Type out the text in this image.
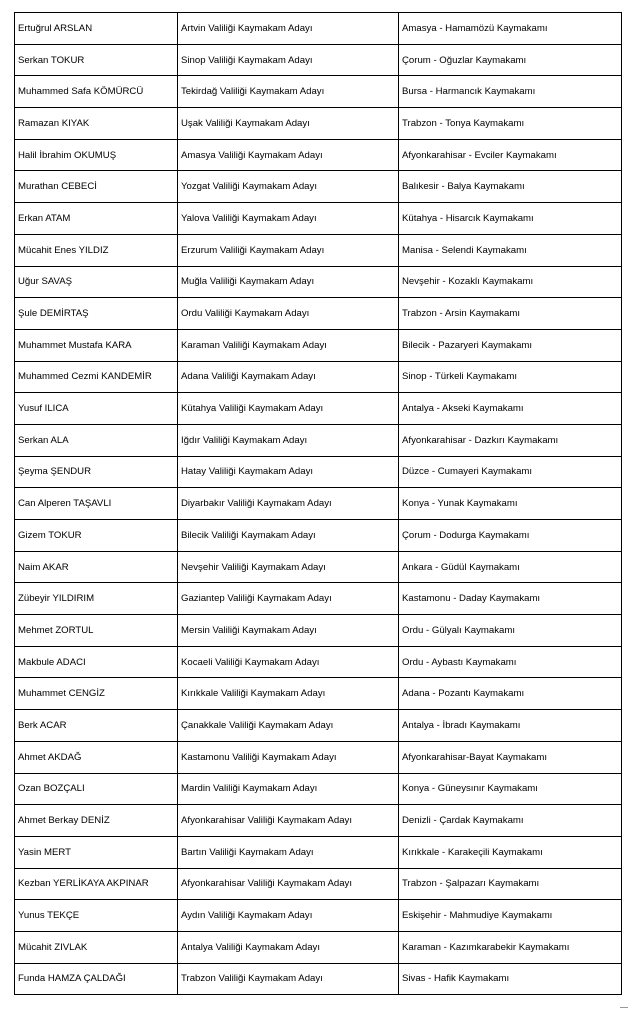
Ertuğrul ARSLAN	Artvin Valiliği Kaymakam Adayı	Amasya - Hamamözü Kaymakamı
Serkan TOKUR	Sinop Valiliği Kaymakam Adayı	Çorum - Oğuzlar Kaymakamı
Muhammed Safa KÖMÜRCÜ	Tekirdağ Valiliği Kaymakam Adayı	Bursa - Harmancık Kaymakamı
Ramazan KIYAK	Uşak Valiliği Kaymakam Adayı	Trabzon - Tonya Kaymakamı
Halil İbrahim OKUMUŞ	Amasya Valiliği Kaymakam Adayı	Afyonkarahisar - Evciler Kaymakamı
Murathan CEBECİ	Yozgat Valiliği Kaymakam Adayı	Balıkesir - Balya Kaymakamı
Erkan ATAM	Yalova Valiliği Kaymakam Adayı	Kütahya - Hisarcık Kaymakamı
Mücahit Enes YILDIZ	Erzurum Valiliği Kaymakam Adayı	Manisa - Selendi Kaymakamı
Uğur SAVAŞ	Muğla Valiliği Kaymakam Adayı	Nevşehir - Kozaklı Kaymakamı
Şule DEMİRTAŞ	Ordu Valiliği Kaymakam Adayı	Trabzon - Arsin Kaymakamı
Muhammet Mustafa KARA	Karaman Valiliği Kaymakam Adayı	Bilecik - Pazaryeri Kaymakamı
Muhammed Cezmi KANDEMİR	Adana Valiliği Kaymakam Adayı	Sinop - Türkeli Kaymakamı
Yusuf ILICA	Kütahya Valiliği Kaymakam Adayı	Antalya - Akseki Kaymakamı
Serkan ALA	Iğdır Valiliği Kaymakam Adayı	Afyonkarahisar - Dazkırı Kaymakamı
Şeyma ŞENDUR	Hatay Valiliği Kaymakam Adayı	Düzce - Cumayeri Kaymakamı
Can Alperen TAŞAVLI	Diyarbakır Valiliği Kaymakam Adayı	Konya - Yunak Kaymakamı
Gizem TOKUR	Bilecik Valiliği Kaymakam Adayı	Çorum - Dodurga Kaymakamı
Naim AKAR	Nevşehir Valiliği Kaymakam Adayı	Ankara - Güdül Kaymakamı
Zübeyir YILDIRIM	Gaziantep Valiliği Kaymakam Adayı	Kastamonu - Daday Kaymakamı
Mehmet ZORTUL	Mersin Valiliği Kaymakam Adayı	Ordu - Gülyalı Kaymakamı
Makbule ADACI	Kocaeli Valiliği Kaymakam Adayı	Ordu - Aybastı Kaymakamı
Muhammet CENGİZ	Kırıkkale Valiliği Kaymakam Adayı	Adana - Pozantı Kaymakamı
Berk ACAR	Çanakkale Valiliği Kaymakam Adayı	Antalya - İbradı Kaymakamı
Ahmet AKDAĞ	Kastamonu Valiliği Kaymakam Adayı	Afyonkarahisar-Bayat Kaymakamı
Ozan BOZÇALI	Mardin Valiliği Kaymakam Adayı	Konya - Güneysınır Kaymakamı
Ahmet Berkay DENİZ	Afyonkarahisar Valiliği Kaymakam Adayı	Denizli - Çardak Kaymakamı
Yasin MERT	Bartın Valiliği Kaymakam Adayı	Kırıkkale - Karakeçili Kaymakamı
Kezban YERLİKAYA AKPINAR	Afyonkarahisar Valiliği Kaymakam Adayı	Trabzon - Şalpazarı Kaymakamı
Yunus TEKÇE	Aydın Valiliği Kaymakam Adayı	Eskişehir - Mahmudiye Kaymakamı
Mücahit ZIVLAK	Antalya Valiliği Kaymakam Adayı	Karaman - Kazımkarabekir Kaymakamı
Funda HAMZA ÇALDAĞI	Trabzon Valiliği Kaymakam Adayı	Sivas - Hafik Kaymakamı
